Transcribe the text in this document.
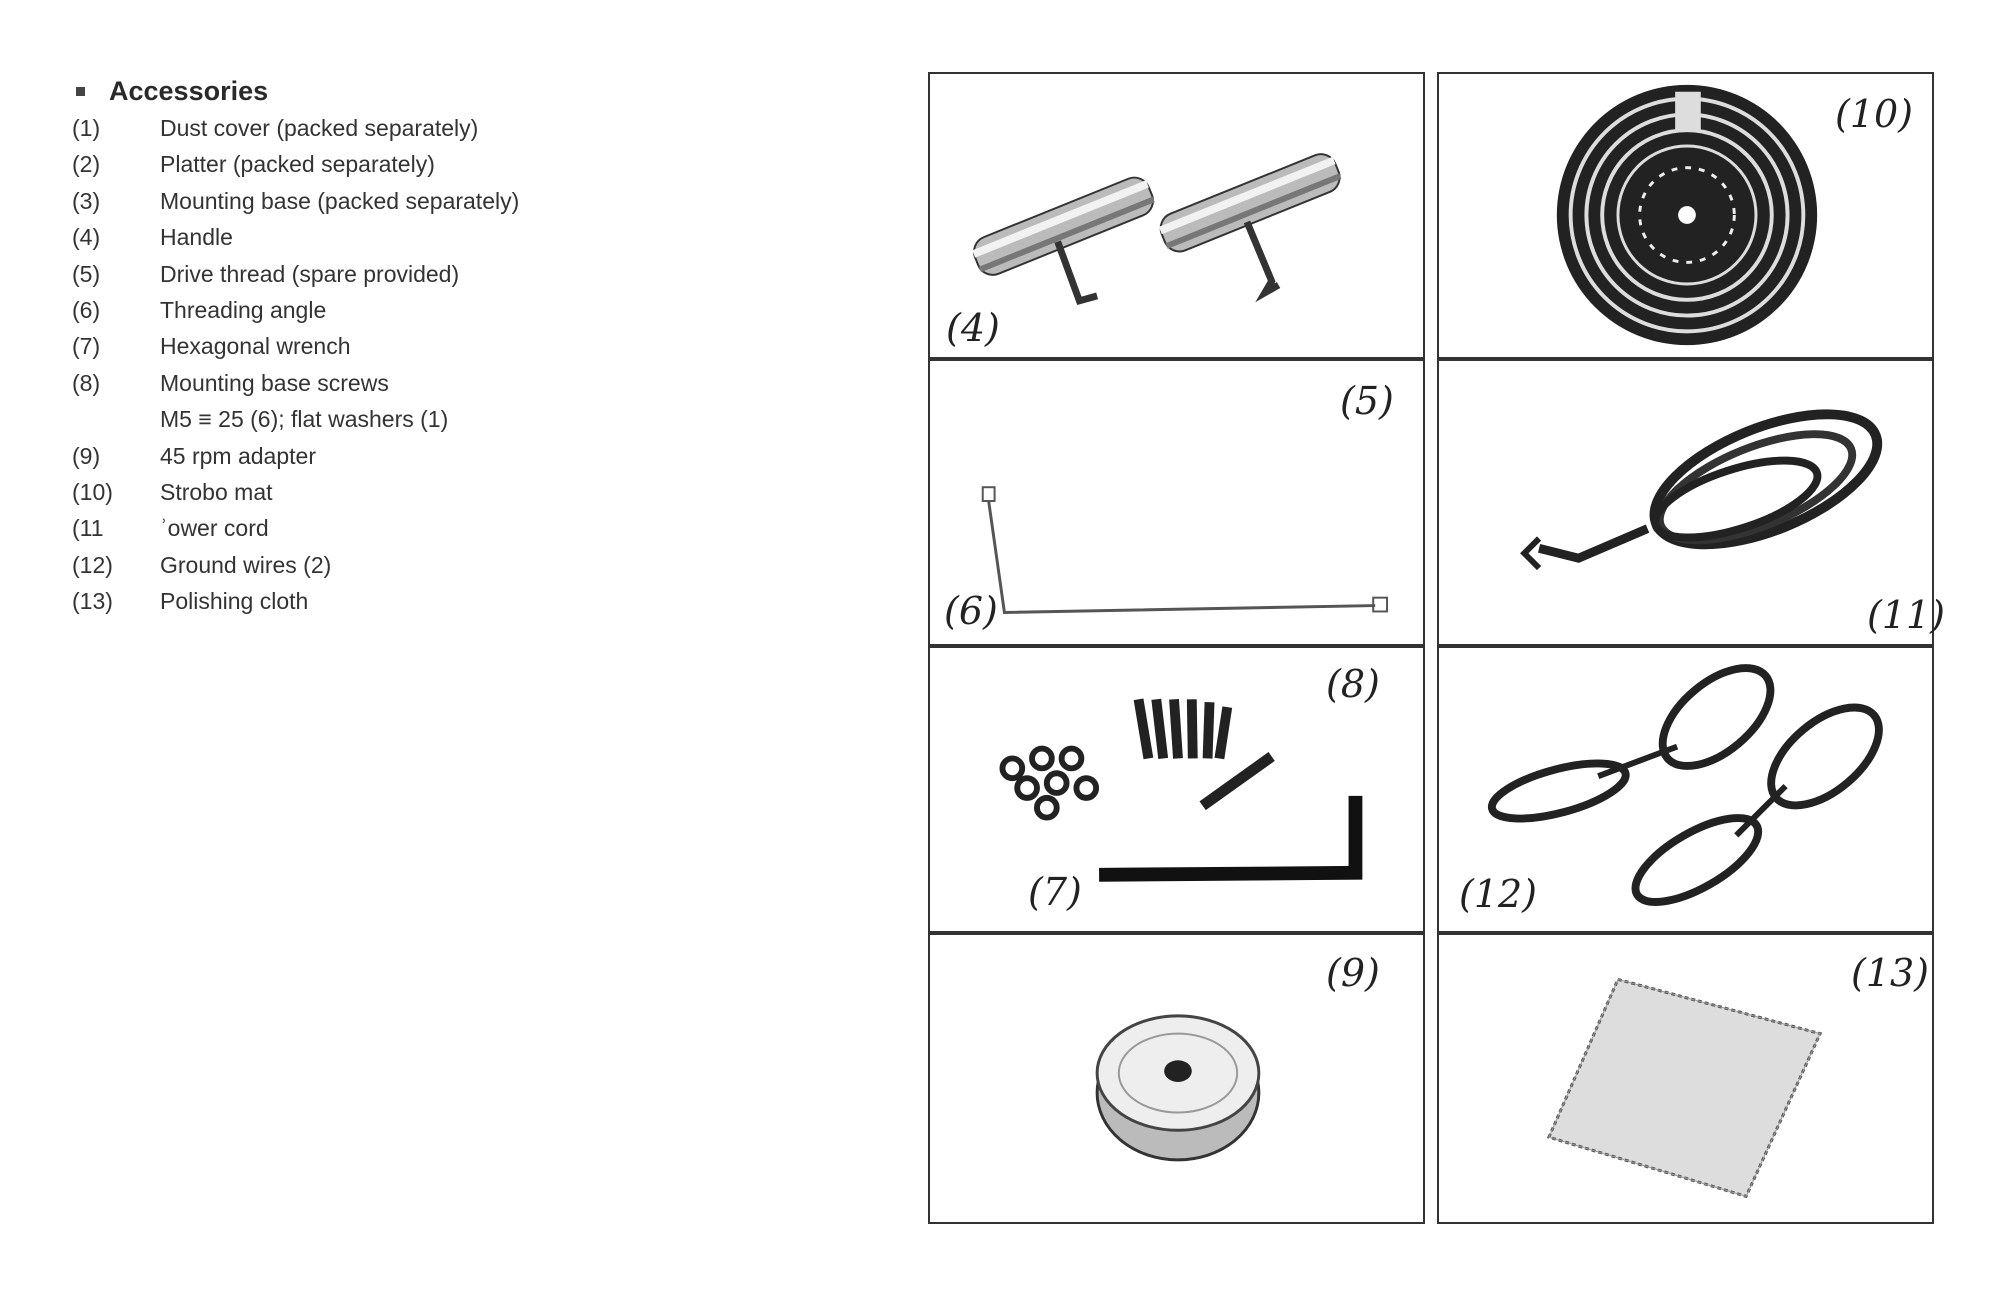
Accessories
(1)	Dust cover (packed separately)
(2)	Platter (packed separately)
(3)	Mounting base (packed separately)
(4)	Handle
(5)	Drive thread (spare provided)
(6)	Threading angle
(7)	Hexagonal wrench
(8)	Mounting base screws
M5 ≡ 25 (6); flat washers (1)
(9)	45 rpm adapter
(10)	Strobo mat
(11	ʾower cord
(12)	Ground wires (2)
(13)	Polishing cloth
(4)
(10)
(5)
(6)	(11)
(8)
(7)	(12)
(9)	(13)
